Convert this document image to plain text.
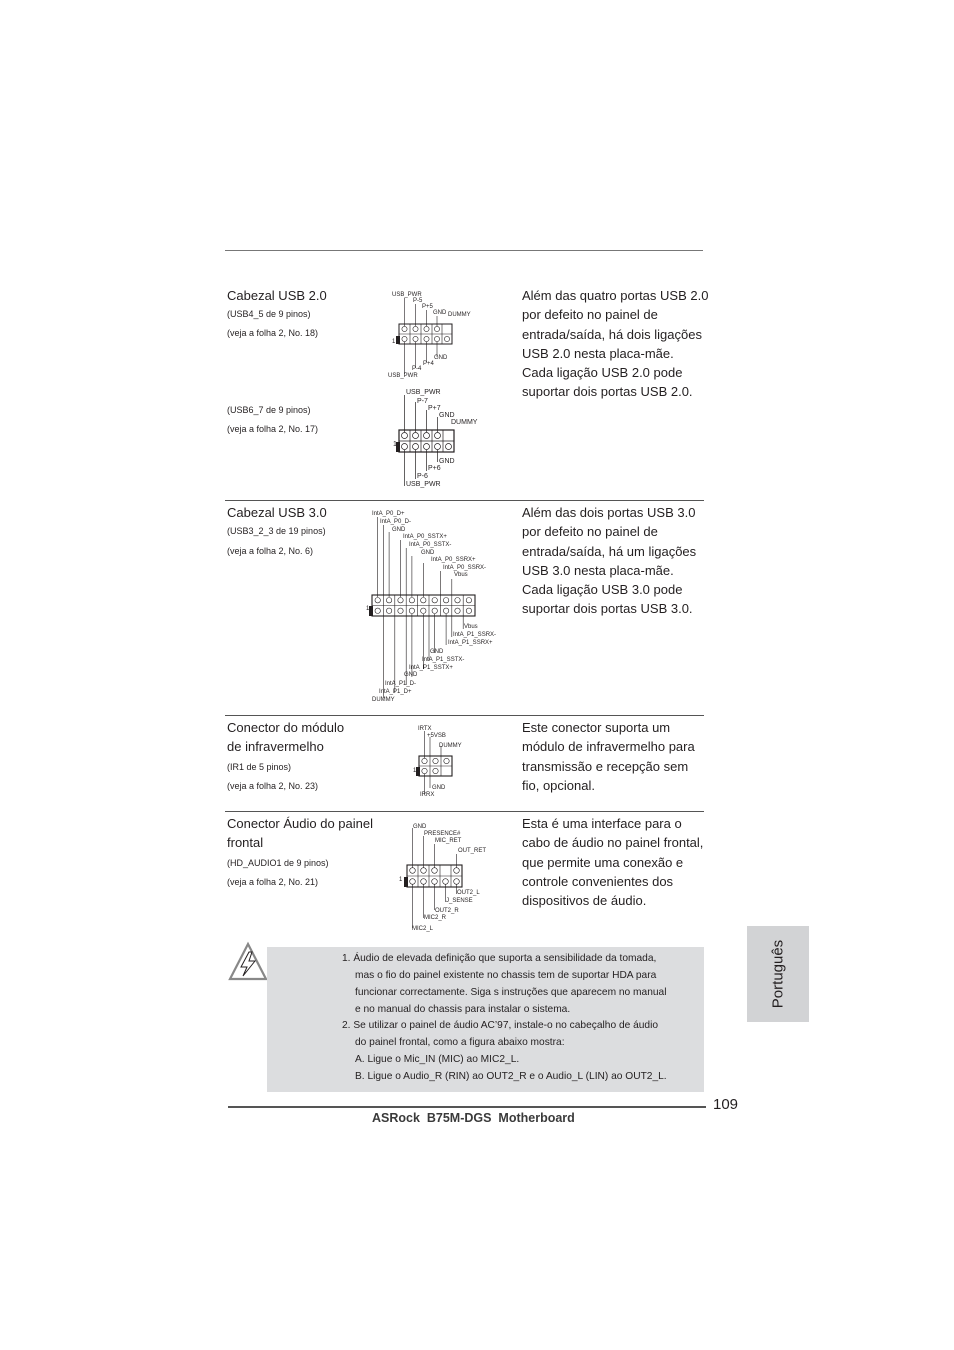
Cabezal USB 2.0
(USB4_5 de 9 pinos)
(veja a folha 2, No. 18)
(USB6_7 de 9 pinos)
(veja a folha 2, No. 17)
Além das quatro portas USB 2.0
por defeito no painel de
entrada/saída, há dois ligações
USB 2.0 nesta placa-mãe.
Cada ligação USB 2.0 pode
suportar dois portas USB 2.0.
1
USB_PWR
P-5
P+5
GND DUMMY
GND
P+4
P-4
USB_PWR
1
USB_PWR
P-7
P+7
GND
DUMMY
GND
P+6
P-6
USB_PWR
Cabezal USB 3.0
(USB3_2_3 de 19 pinos)
(veja a folha 2, No. 6)
Além das dois portas USB 3.0
por defeito no painel de
entrada/saída, há um ligações
USB 3.0 nesta placa-mãe.
Cada ligação USB 3.0 pode
suportar dois portas USB 3.0.
1
IntA_P0_D+
IntA_P0_D-
GND
IntA_P0_SSTX+
IntA_P0_SSTX-
GND
IntA_P0_SSRX+
IntA_P0_SSRX-
Vbus
Vbus
IntA_P1_SSRX-
IntA_P1_SSRX+
GND
IntA_P1_SSTX-
IntA_P1_SSTX+
GND
IntA_P1_D-
IntA_P1_D+
DUMMY
Conector do módulo
de infravermelho
(IR1 de 5 pinos)
(veja a folha 2, No. 23)
Este conector suporta um
módulo de infravermelho para
transmissão e recepção sem
fio, opcional.
1
IRTX
+5VSB
DUMMY
GND
IRRX
Conector Áudio do painel
frontal
(HD_AUDIO1 de 9 pinos)
(veja a folha 2, No. 21)
Esta é uma interface para o
cabo de áudio no painel frontal,
que permite uma conexão e
controle convenientes dos
dispositivos de áudio.
1
GND
PRESENCE#
MIC_RET
OUT_RET
OUT2_L
J_SENSE
OUT2_R
MIC2_R
MIC2_L
1. Áudio de elevada definição que suporta a sensibilidade da tomada,
mas o fio do painel existente no chassis tem de suportar HDA para
funcionar correctamente. Siga s instruções que aparecem no manual
e no manual do chassis para instalar o sistema.
2. Se utilizar o painel de áudio AC’97, instale-o no cabeçalho de áudio
do painel frontal, como a figura abaixo mostra:
A. Ligue o Mic_IN (MIC) ao MIC2_L.
B. Ligue o Audio_R (RIN) ao OUT2_R e o Audio_L (LIN) ao OUT2_L.
Português
109
ASRock  B75M-DGS  Motherboard
